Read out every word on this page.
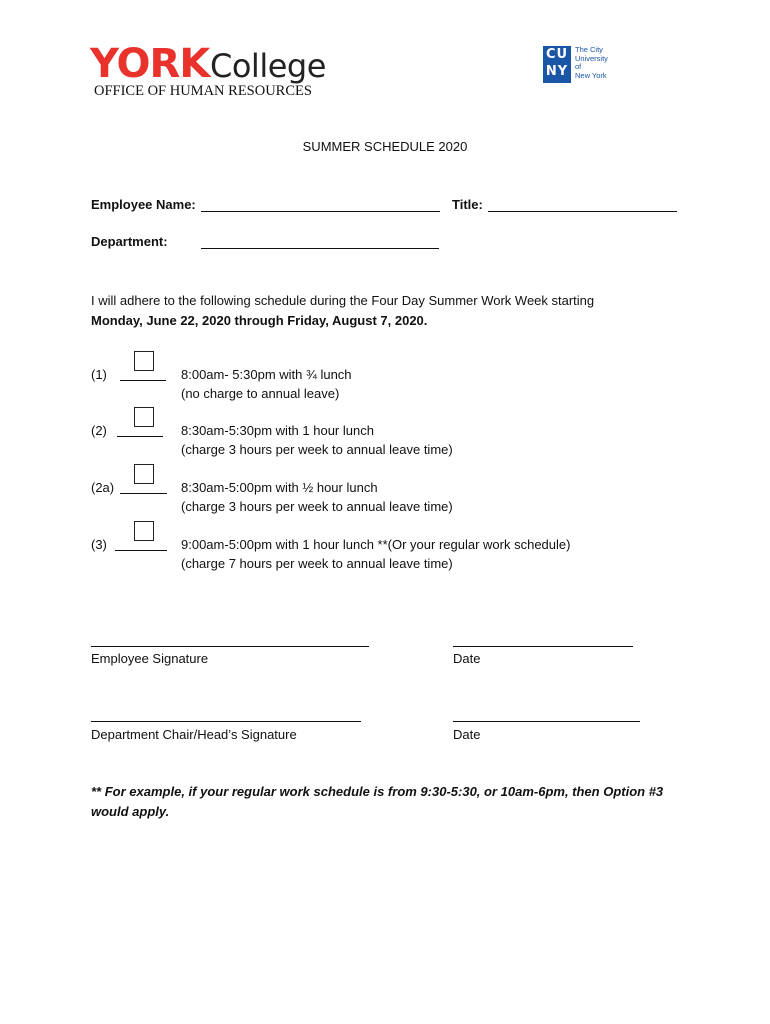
YORK College
OFFICE OF HUMAN RESOURCES
CU
NY
The City
University
of
New York
SUMMER SCHEDULE 2020
Employee Name:	Title:
Department:
I will adhere to the following schedule during the Four Day Summer Work Week starting
Monday, June 22, 2020 through Friday, August 7, 2020.
(1)	8:00am- 5:30pm with ¾ lunch
(no charge to annual leave)
(2)	8:30am-5:30pm with 1 hour lunch
(charge 3 hours per week to annual leave time)
(2a)	8:30am-5:00pm with ½ hour lunch
(charge 3 hours per week to annual leave time)
(3)	9:00am-5:00pm with 1 hour lunch **(Or your regular work schedule)
(charge 7 hours per week to annual leave time)
Employee Signature	Date
Department Chair/Head’s Signature	Date
** For example, if your regular work schedule is from 9:30-5:30, or 10am-6pm, then Option #3
would apply.
